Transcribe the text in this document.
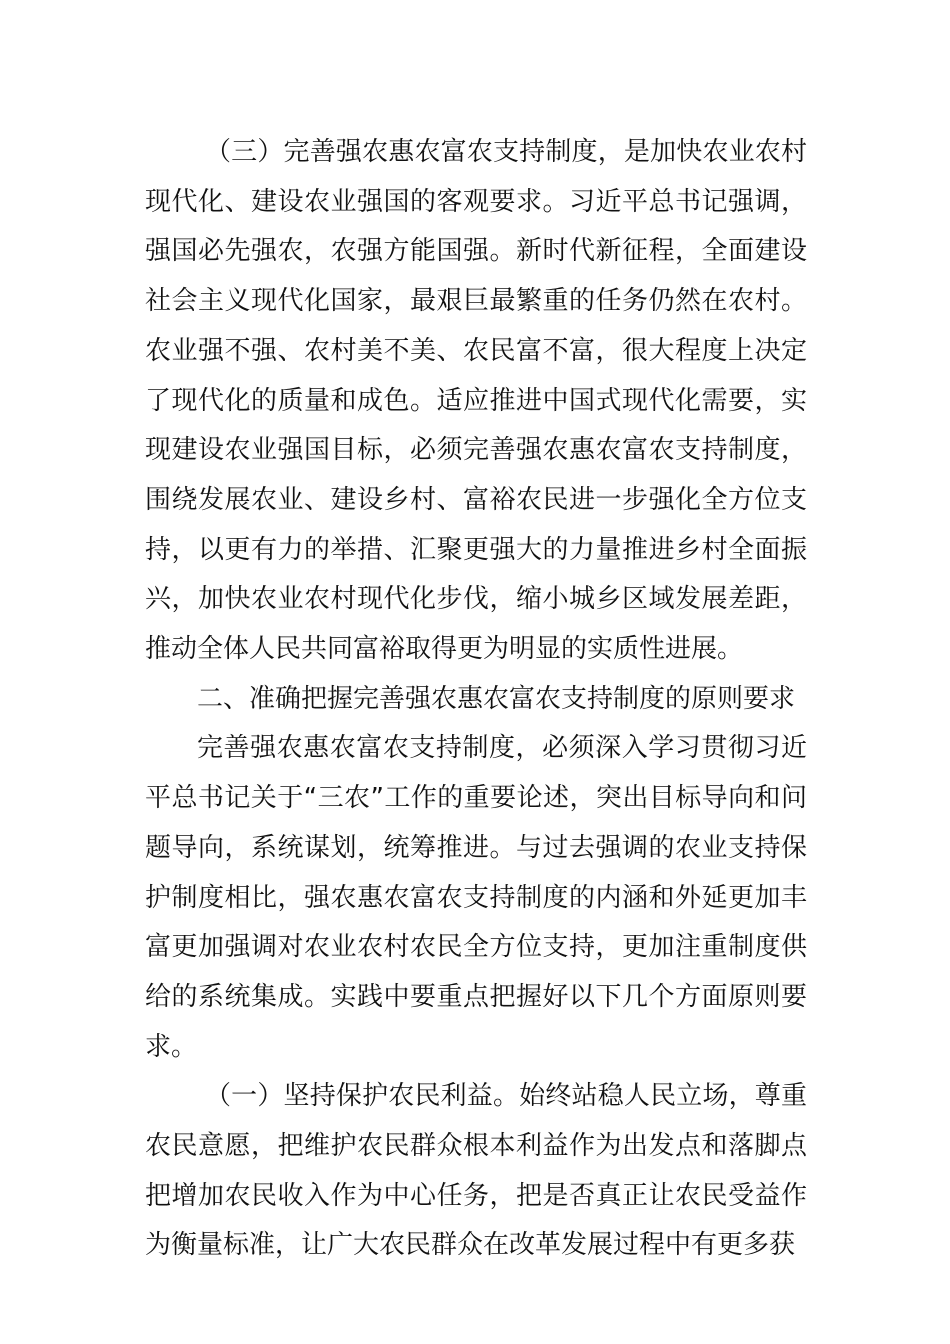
（三）完善强农惠农富农支持制度，是加快农业农村现代化、建设农业强国的客观要求。习近平总书记强调，强国必先强农，农强方能国强。新时代新征程，全面建设社会主义现代化国家，最艰巨最繁重的任务仍然在农村。农业强不强、农村美不美、农民富不富，很大程度上决定了现代化的质量和成色。适应推进中国式现代化需要，实现建设农业强国目标，必须完善强农惠农富农支持制度，围绕发展农业、建设乡村、富裕农民进一步强化全方位支持，以更有力的举措、汇聚更强大的力量推进乡村全面振兴，加快农业农村现代化步伐，缩小城乡区域发展差距，推动全体人民共同富裕取得更为明显的实质性进展。

二、准确把握完善强农惠农富农支持制度的原则要求

完善强农惠农富农支持制度，必须深入学习贯彻习近平总书记关于“三农”工作的重要论述，突出目标导向和问题导向，系统谋划，统筹推进。与过去强调的农业支持保护制度相比，强农惠农富农支持制度的内涵和外延更加丰富更加强调对农业农村农民全方位支持，更加注重制度供给的系统集成。实践中要重点把握好以下几个方面原则要求。

（一）坚持保护农民利益。始终站稳人民立场，尊重农民意愿，把维护农民群众根本利益作为出发点和落脚点把增加农民收入作为中心任务，把是否真正让农民受益作为衡量标准，让广大农民群众在改革发展过程中有更多获
